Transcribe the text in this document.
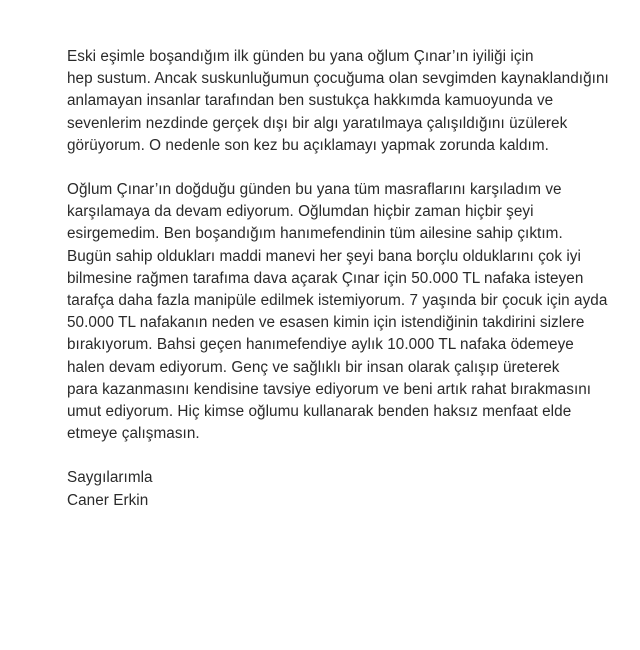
Eski eşimle boşandığım ilk günden bu yana oğlum Çınar’ın iyiliği için
hep sustum. Ancak suskunluğumun çocuğuma olan sevgimden kaynaklandığını
anlamayan insanlar tarafından ben sustukça hakkımda kamuoyunda ve
sevenlerim nezdinde gerçek dışı bir algı yaratılmaya çalışıldığını üzülerek
görüyorum. O nedenle son kez bu açıklamayı yapmak zorunda kaldım.
Oğlum Çınar’ın doğduğu günden bu yana tüm masraflarını karşıladım ve
karşılamaya da devam ediyorum. Oğlumdan hiçbir zaman hiçbir şeyi
esirgemedim. Ben boşandığım hanımefendinin tüm ailesine sahip çıktım.
Bugün sahip oldukları maddi manevi her şeyi bana borçlu olduklarını çok iyi
bilmesine rağmen tarafıma dava açarak Çınar için 50.000 TL nafaka isteyen
tarafça daha fazla manipüle edilmek istemiyorum. 7 yaşında bir çocuk için ayda
50.000 TL nafakanın neden ve esasen kimin için istendiğinin takdirini sizlere
bırakıyorum. Bahsi geçen hanımefendiye aylık 10.000 TL nafaka ödemeye
halen devam ediyorum. Genç ve sağlıklı bir insan olarak çalışıp üreterek
para kazanmasını kendisine tavsiye ediyorum ve beni artık rahat bırakmasını
umut ediyorum. Hiç kimse oğlumu kullanarak benden haksız menfaat elde
etmeye çalışmasın.
Saygılarımla
Caner Erkin
